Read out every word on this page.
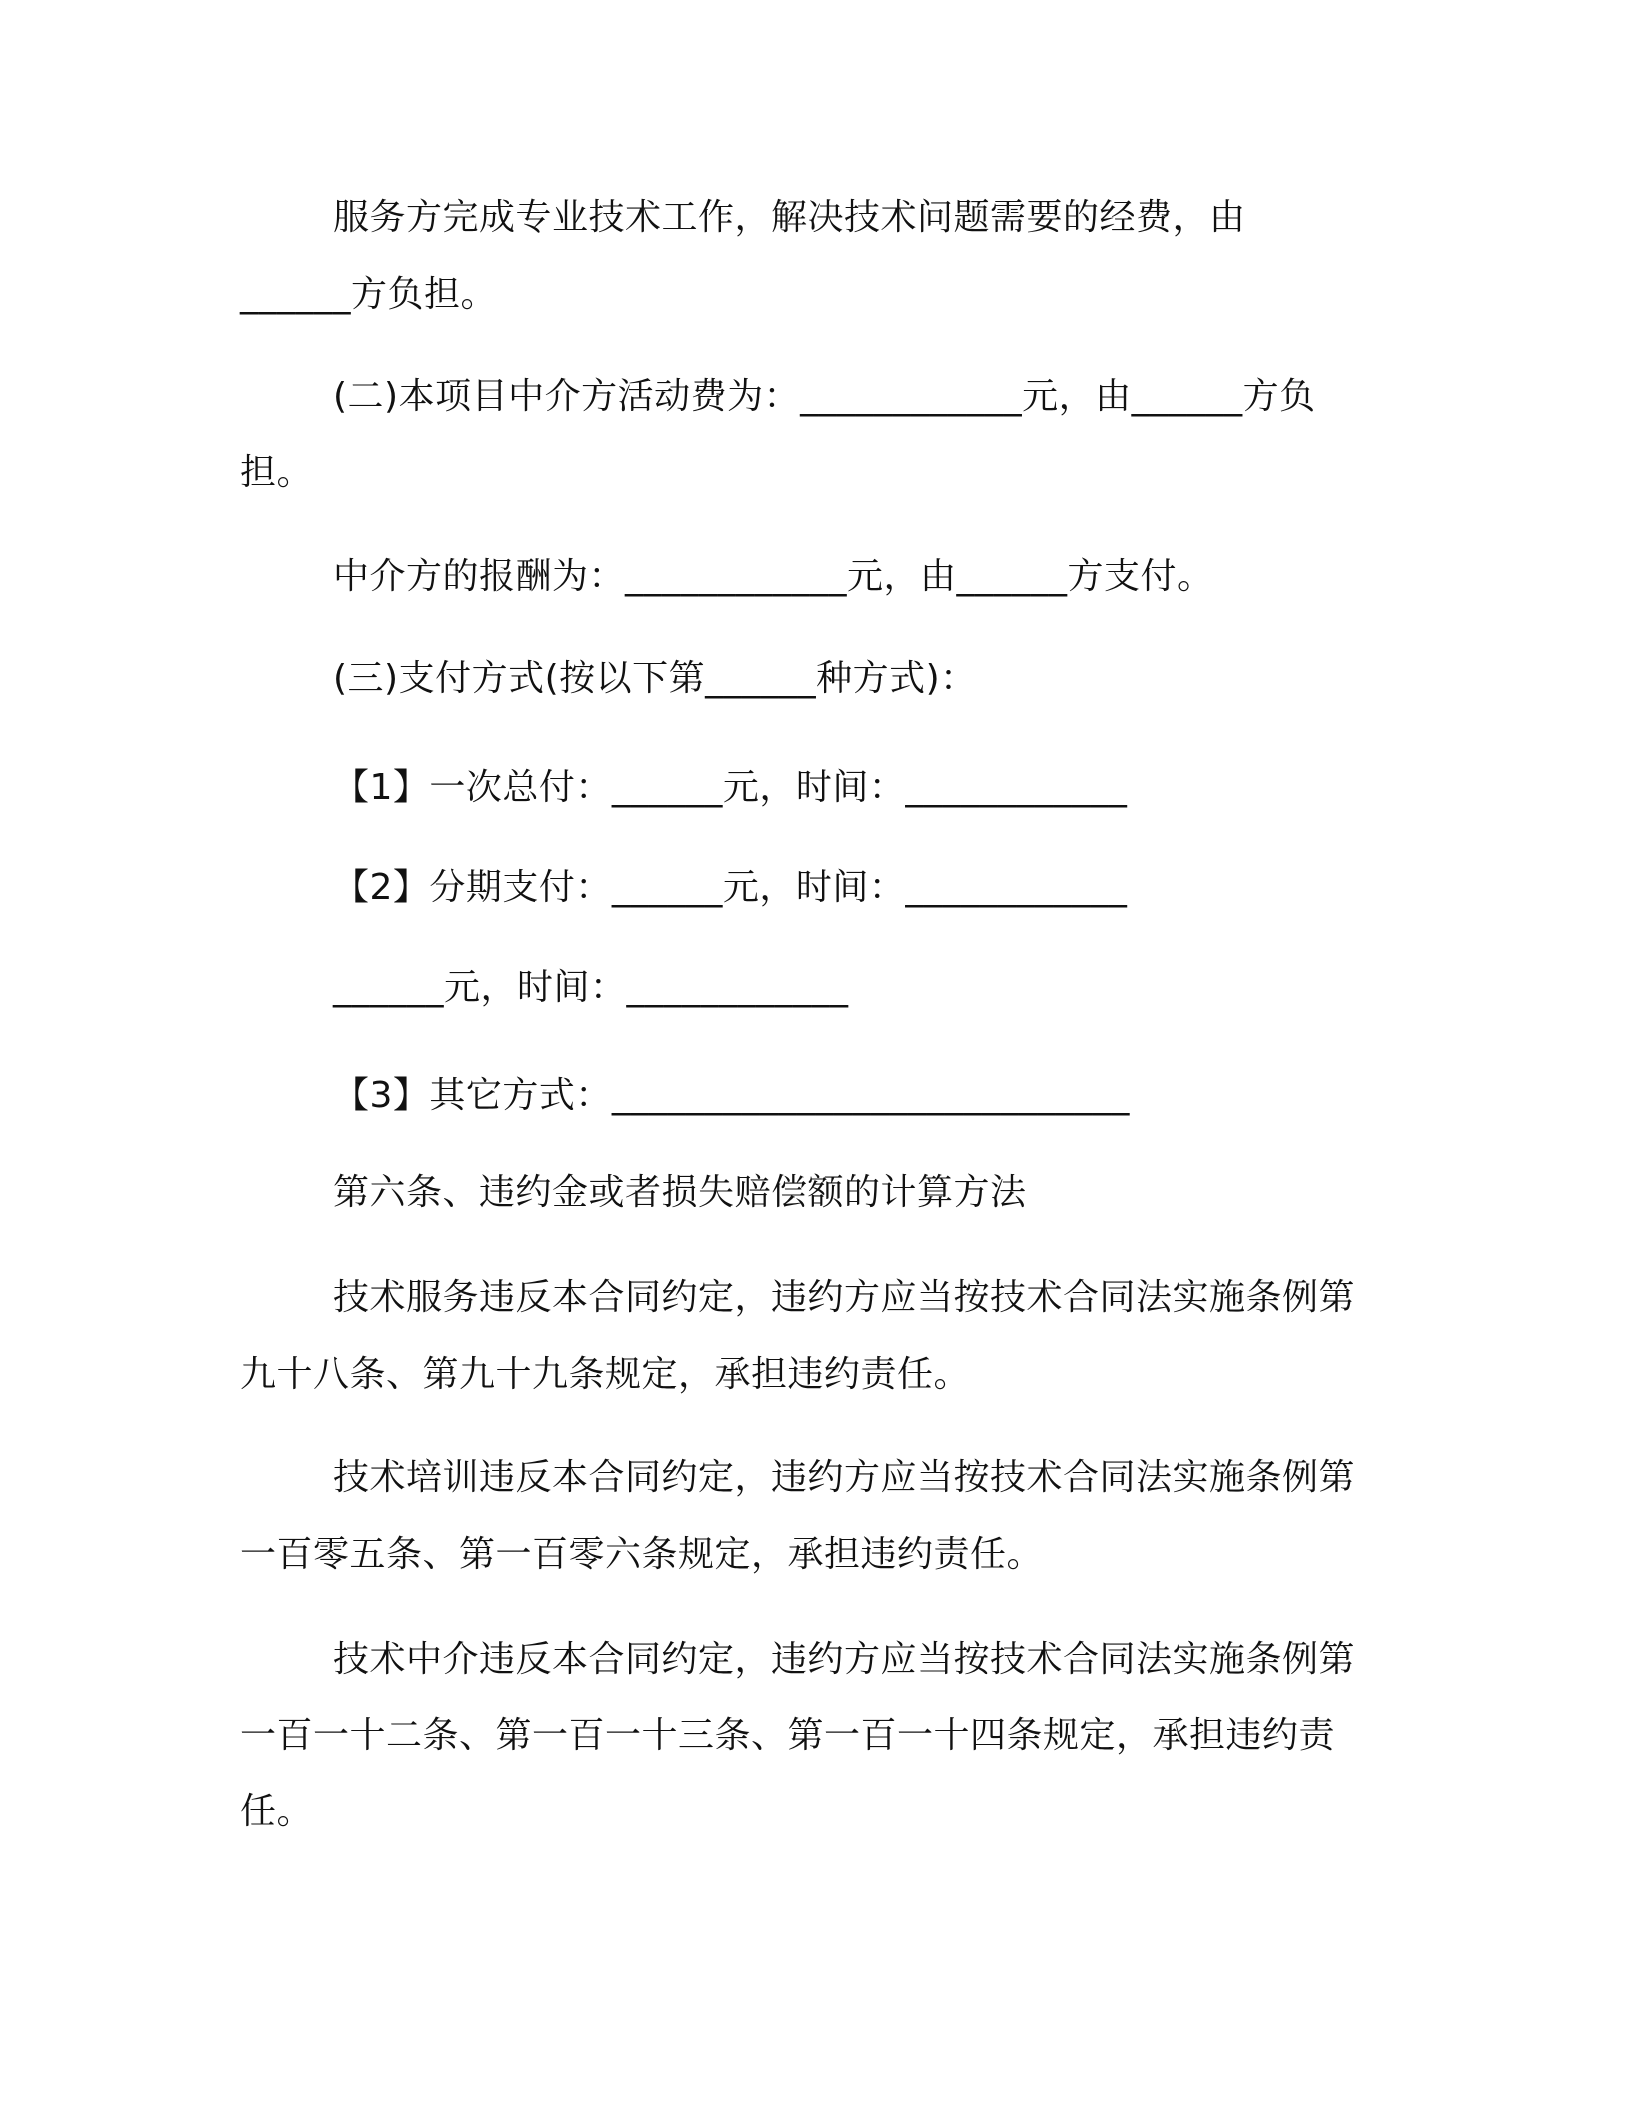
服务方完成专业技术工作，解决技术问题需要的经费，由
______方负担。
(二)本项目中介方活动费为：____________元，由______方负
担。
中介方的报酬为：____________元，由______方支付。
(三)支付方式(按以下第______种方式)：
【1】一次总付：______元，时间：____________
【2】分期支付：______元，时间：____________
______元，时间：____________
【3】其它方式：____________________________
第六条、违约金或者损失赔偿额的计算方法
技术服务违反本合同约定，违约方应当按技术合同法实施条例第
九十八条、第九十九条规定，承担违约责任。
技术培训违反本合同约定，违约方应当按技术合同法实施条例第
一百零五条、第一百零六条规定，承担违约责任。
技术中介违反本合同约定，违约方应当按技术合同法实施条例第
一百一十二条、第一百一十三条、第一百一十四条规定，承担违约责
任。
